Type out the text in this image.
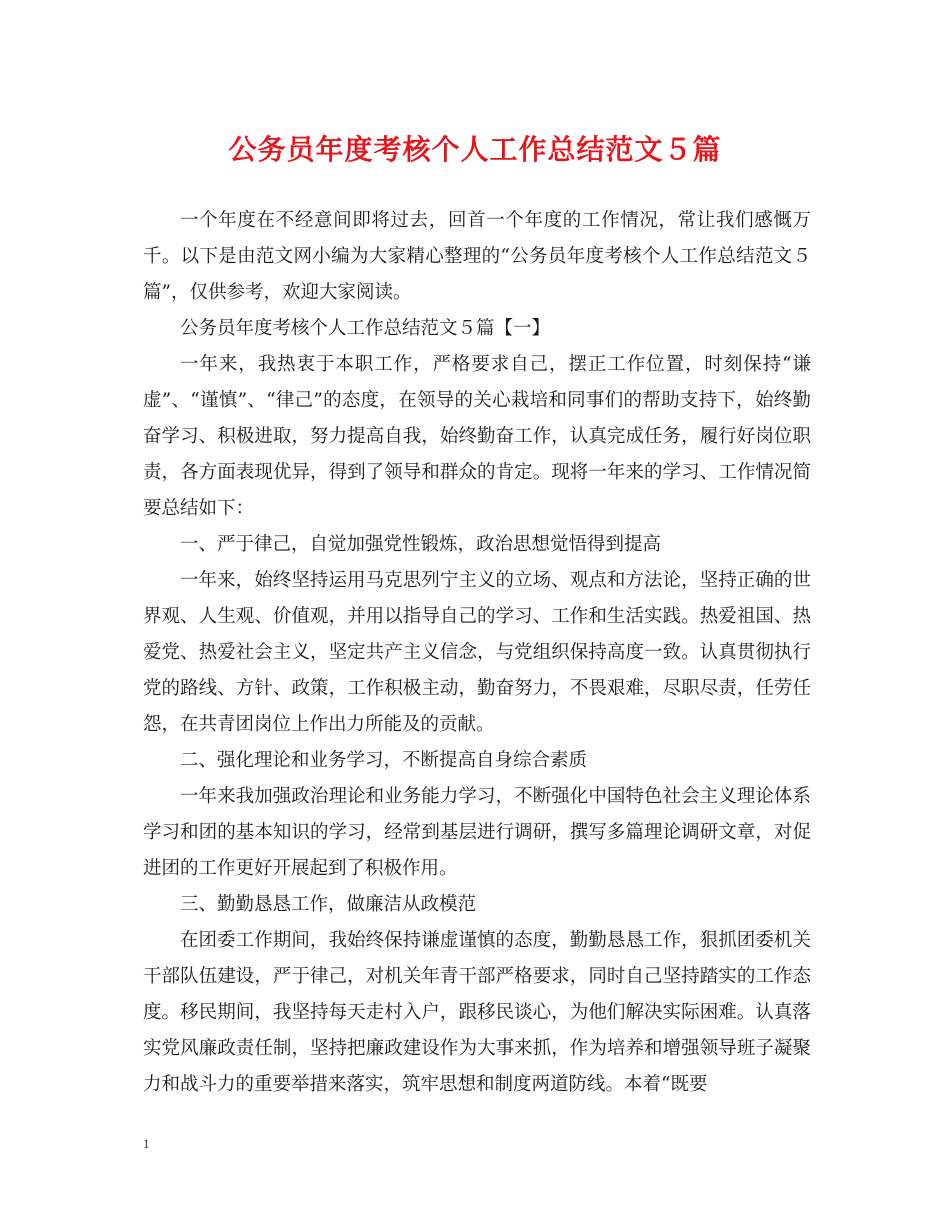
公务员年度考核个人工作总结范文５篇

一个年度在不经意间即将过去，回首一个年度的工作情况，常让我们感慨万千。以下是由范文网小编为大家精心整理的“公务员年度考核个人工作总结范文５篇”，仅供参考，欢迎大家阅读。

公务员年度考核个人工作总结范文５篇【一】

一年来，我热衷于本职工作，严格要求自己，摆正工作位置，时刻保持“谦虚”、“谨慎”、“律己”的态度，在领导的关心栽培和同事们的帮助支持下，始终勤奋学习、积极进取，努力提高自我，始终勤奋工作，认真完成任务，履行好岗位职责，各方面表现优异，得到了领导和群众的肯定。现将一年来的学习、工作情况简要总结如下：

一、严于律己，自觉加强党性锻炼，政治思想觉悟得到提高

一年来，始终坚持运用马克思列宁主义的立场、观点和方法论，坚持正确的世界观、人生观、价值观，并用以指导自己的学习、工作和生活实践。热爱祖国、热爱党、热爱社会主义，坚定共产主义信念，与党组织保持高度一致。认真贯彻执行党的路线、方针、政策，工作积极主动，勤奋努力，不畏艰难，尽职尽责，任劳任怨，在共青团岗位上作出力所能及的贡献。

二、强化理论和业务学习，不断提高自身综合素质

一年来我加强政治理论和业务能力学习，不断强化中国特色社会主义理论体系学习和团的基本知识的学习，经常到基层进行调研，撰写多篇理论调研文章，对促进团的工作更好开展起到了积极作用。

三、勤勤恳恳工作，做廉洁从政模范

在团委工作期间，我始终保持谦虚谨慎的态度，勤勤恳恳工作，狠抓团委机关干部队伍建设，严于律己，对机关年青干部严格要求，同时自己坚持踏实的工作态度。移民期间，我坚持每天走村入户，跟移民谈心，为他们解决实际困难。认真落实党风廉政责任制，坚持把廉政建设作为大事来抓，作为培养和增强领导班子凝聚力和战斗力的重要举措来落实，筑牢思想和制度两道防线。本着“既要

1
